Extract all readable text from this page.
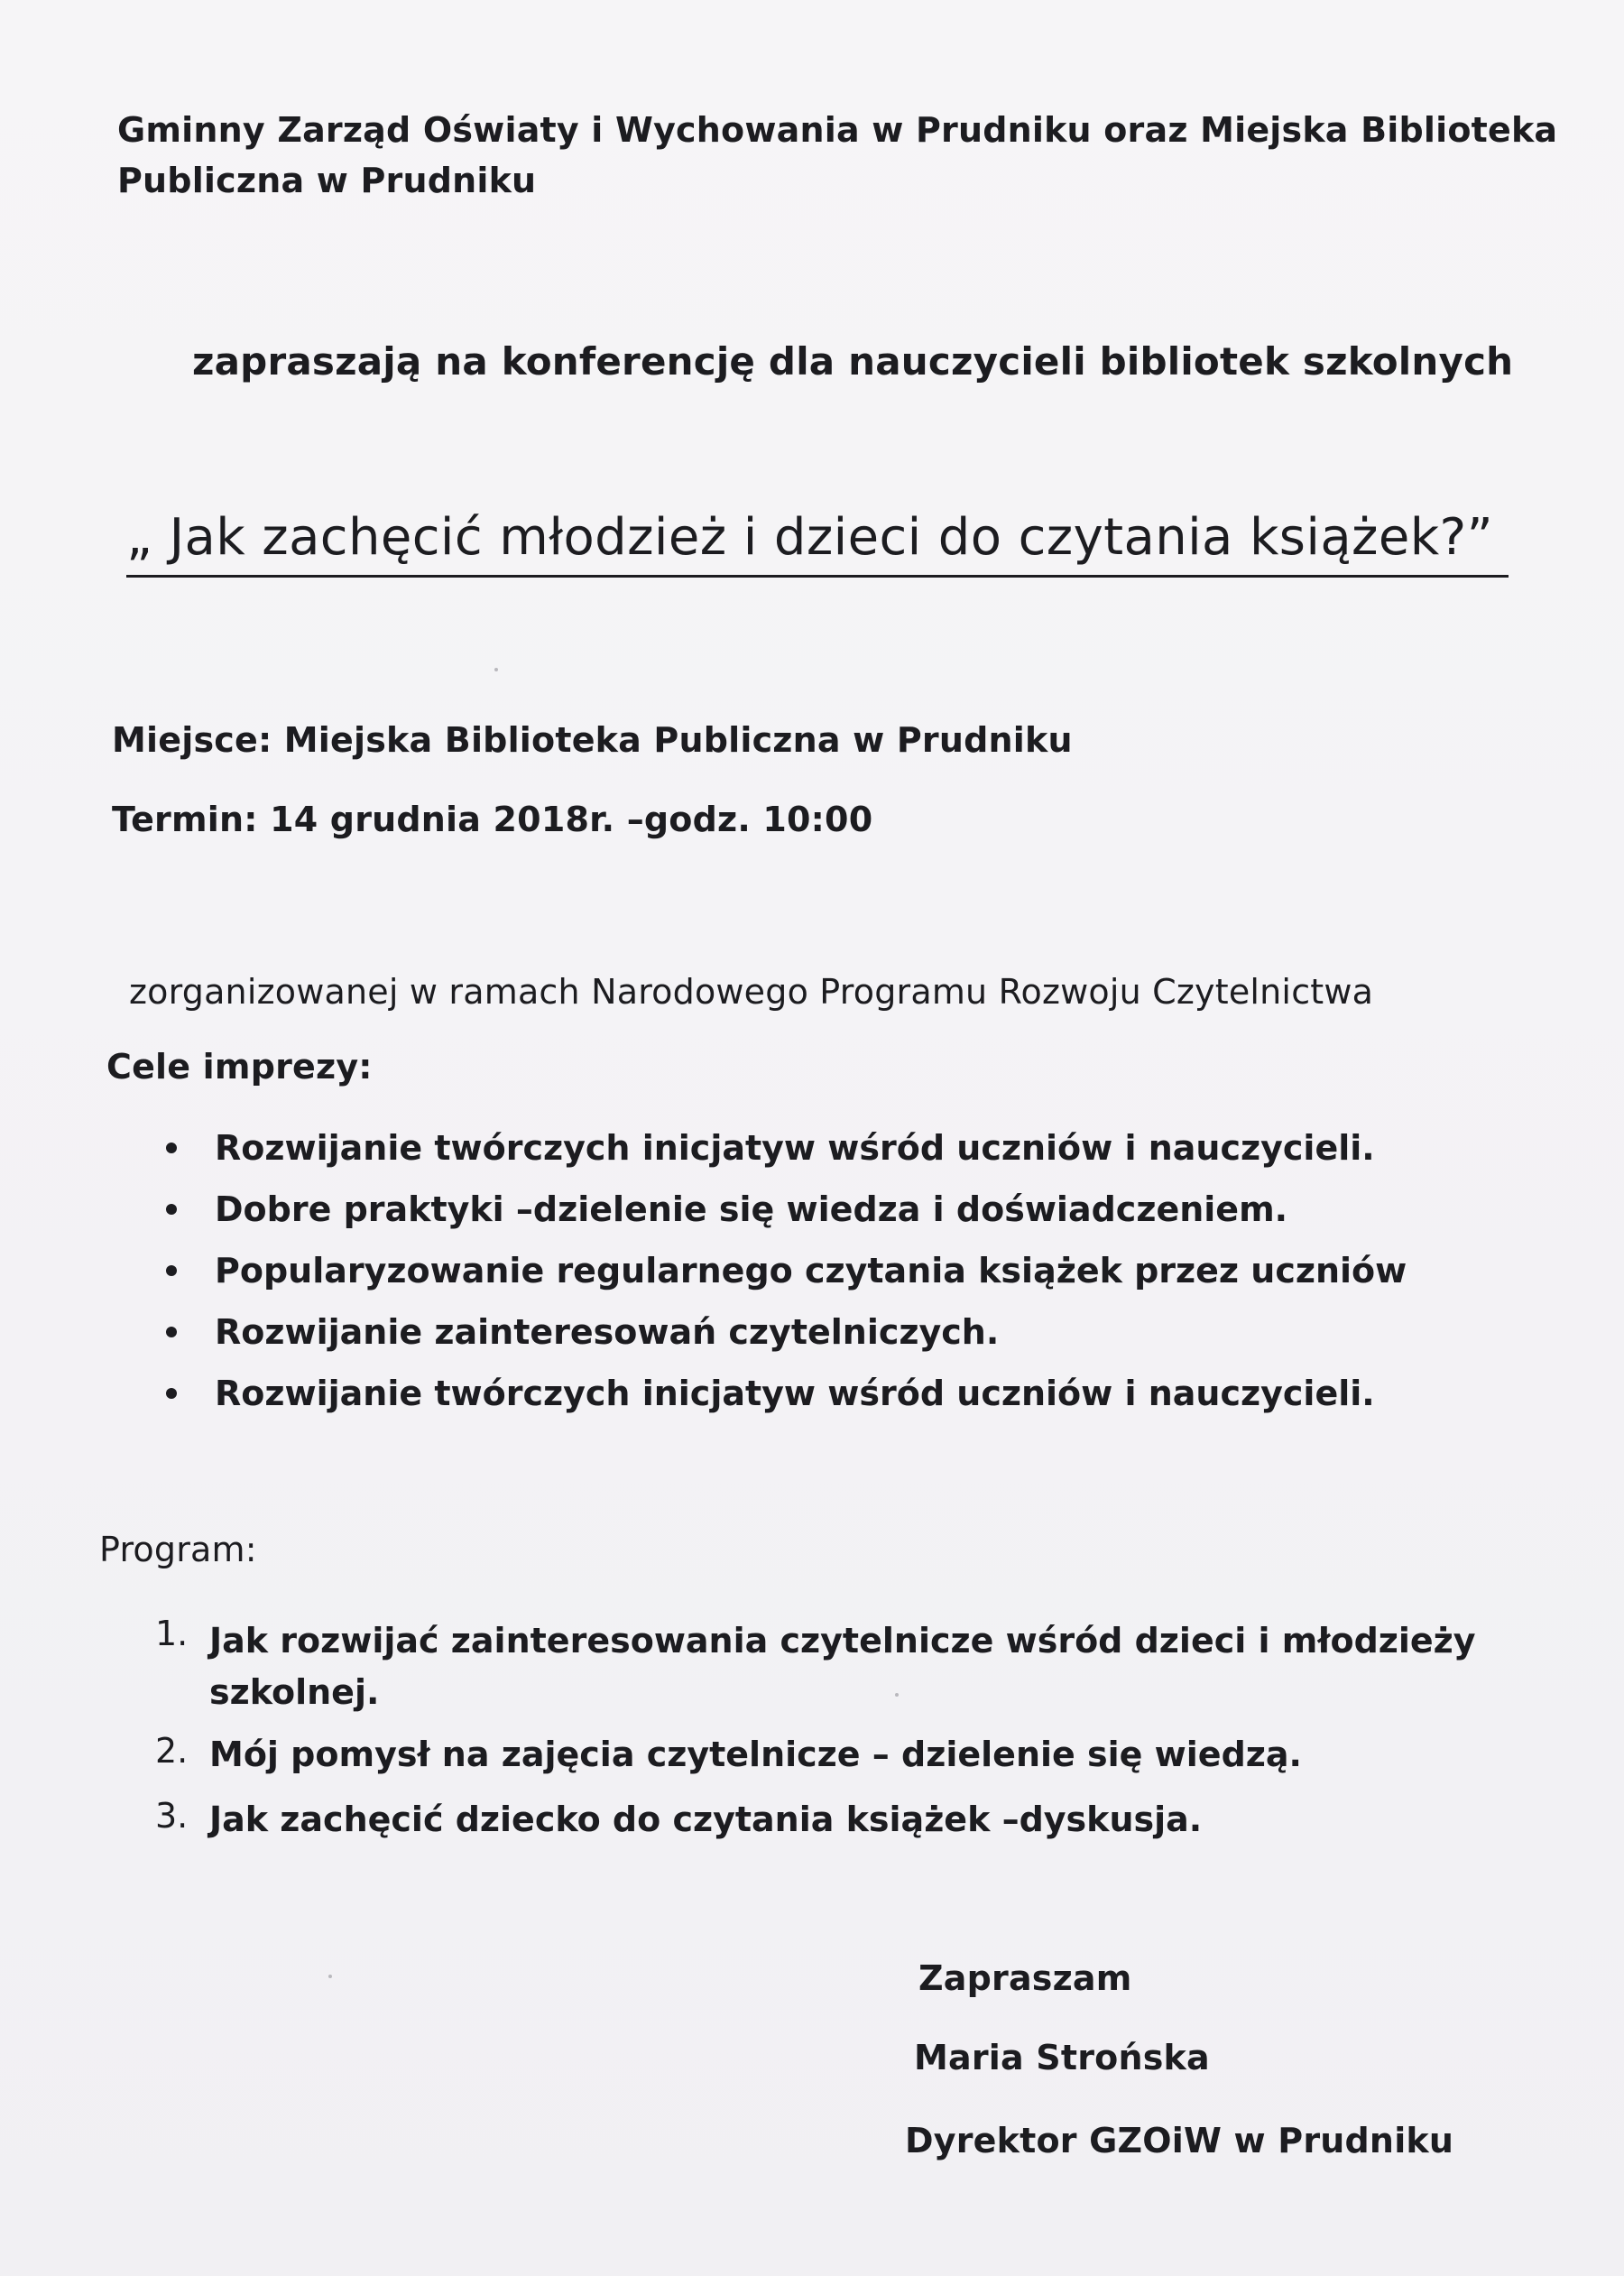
Gminny Zarząd Oświaty i Wychowania w Prudniku oraz Miejska Biblioteka
Publiczna w Prudniku
zapraszają na konferencję dla nauczycieli bibliotek szkolnych
„ Jak zachęcić młodzież i dzieci do czytania książek?”
Miejsce: Miejska Biblioteka Publiczna w Prudniku
Termin: 14 grudnia 2018r. –godz. 10:00
zorganizowanej w ramach Narodowego Programu Rozwoju Czytelnictwa
Cele imprezy:
Rozwijanie twórczych inicjatyw wśród uczniów i nauczycieli.
Dobre praktyki –dzielenie się wiedza i doświadczeniem.
Popularyzowanie regularnego czytania książek przez uczniów
Rozwijanie zainteresowań czytelniczych.
Rozwijanie twórczych inicjatyw wśród uczniów i nauczycieli.
Program:
1. Jak rozwijać zainteresowania czytelnicze wśród dzieci i młodzieży
szkolnej.
2. Mój pomysł na zajęcia czytelnicze – dzielenie się wiedzą.
3. Jak zachęcić dziecko do czytania książek –dyskusja.
Zapraszam
Maria Strońska
Dyrektor GZOiW w Prudniku
